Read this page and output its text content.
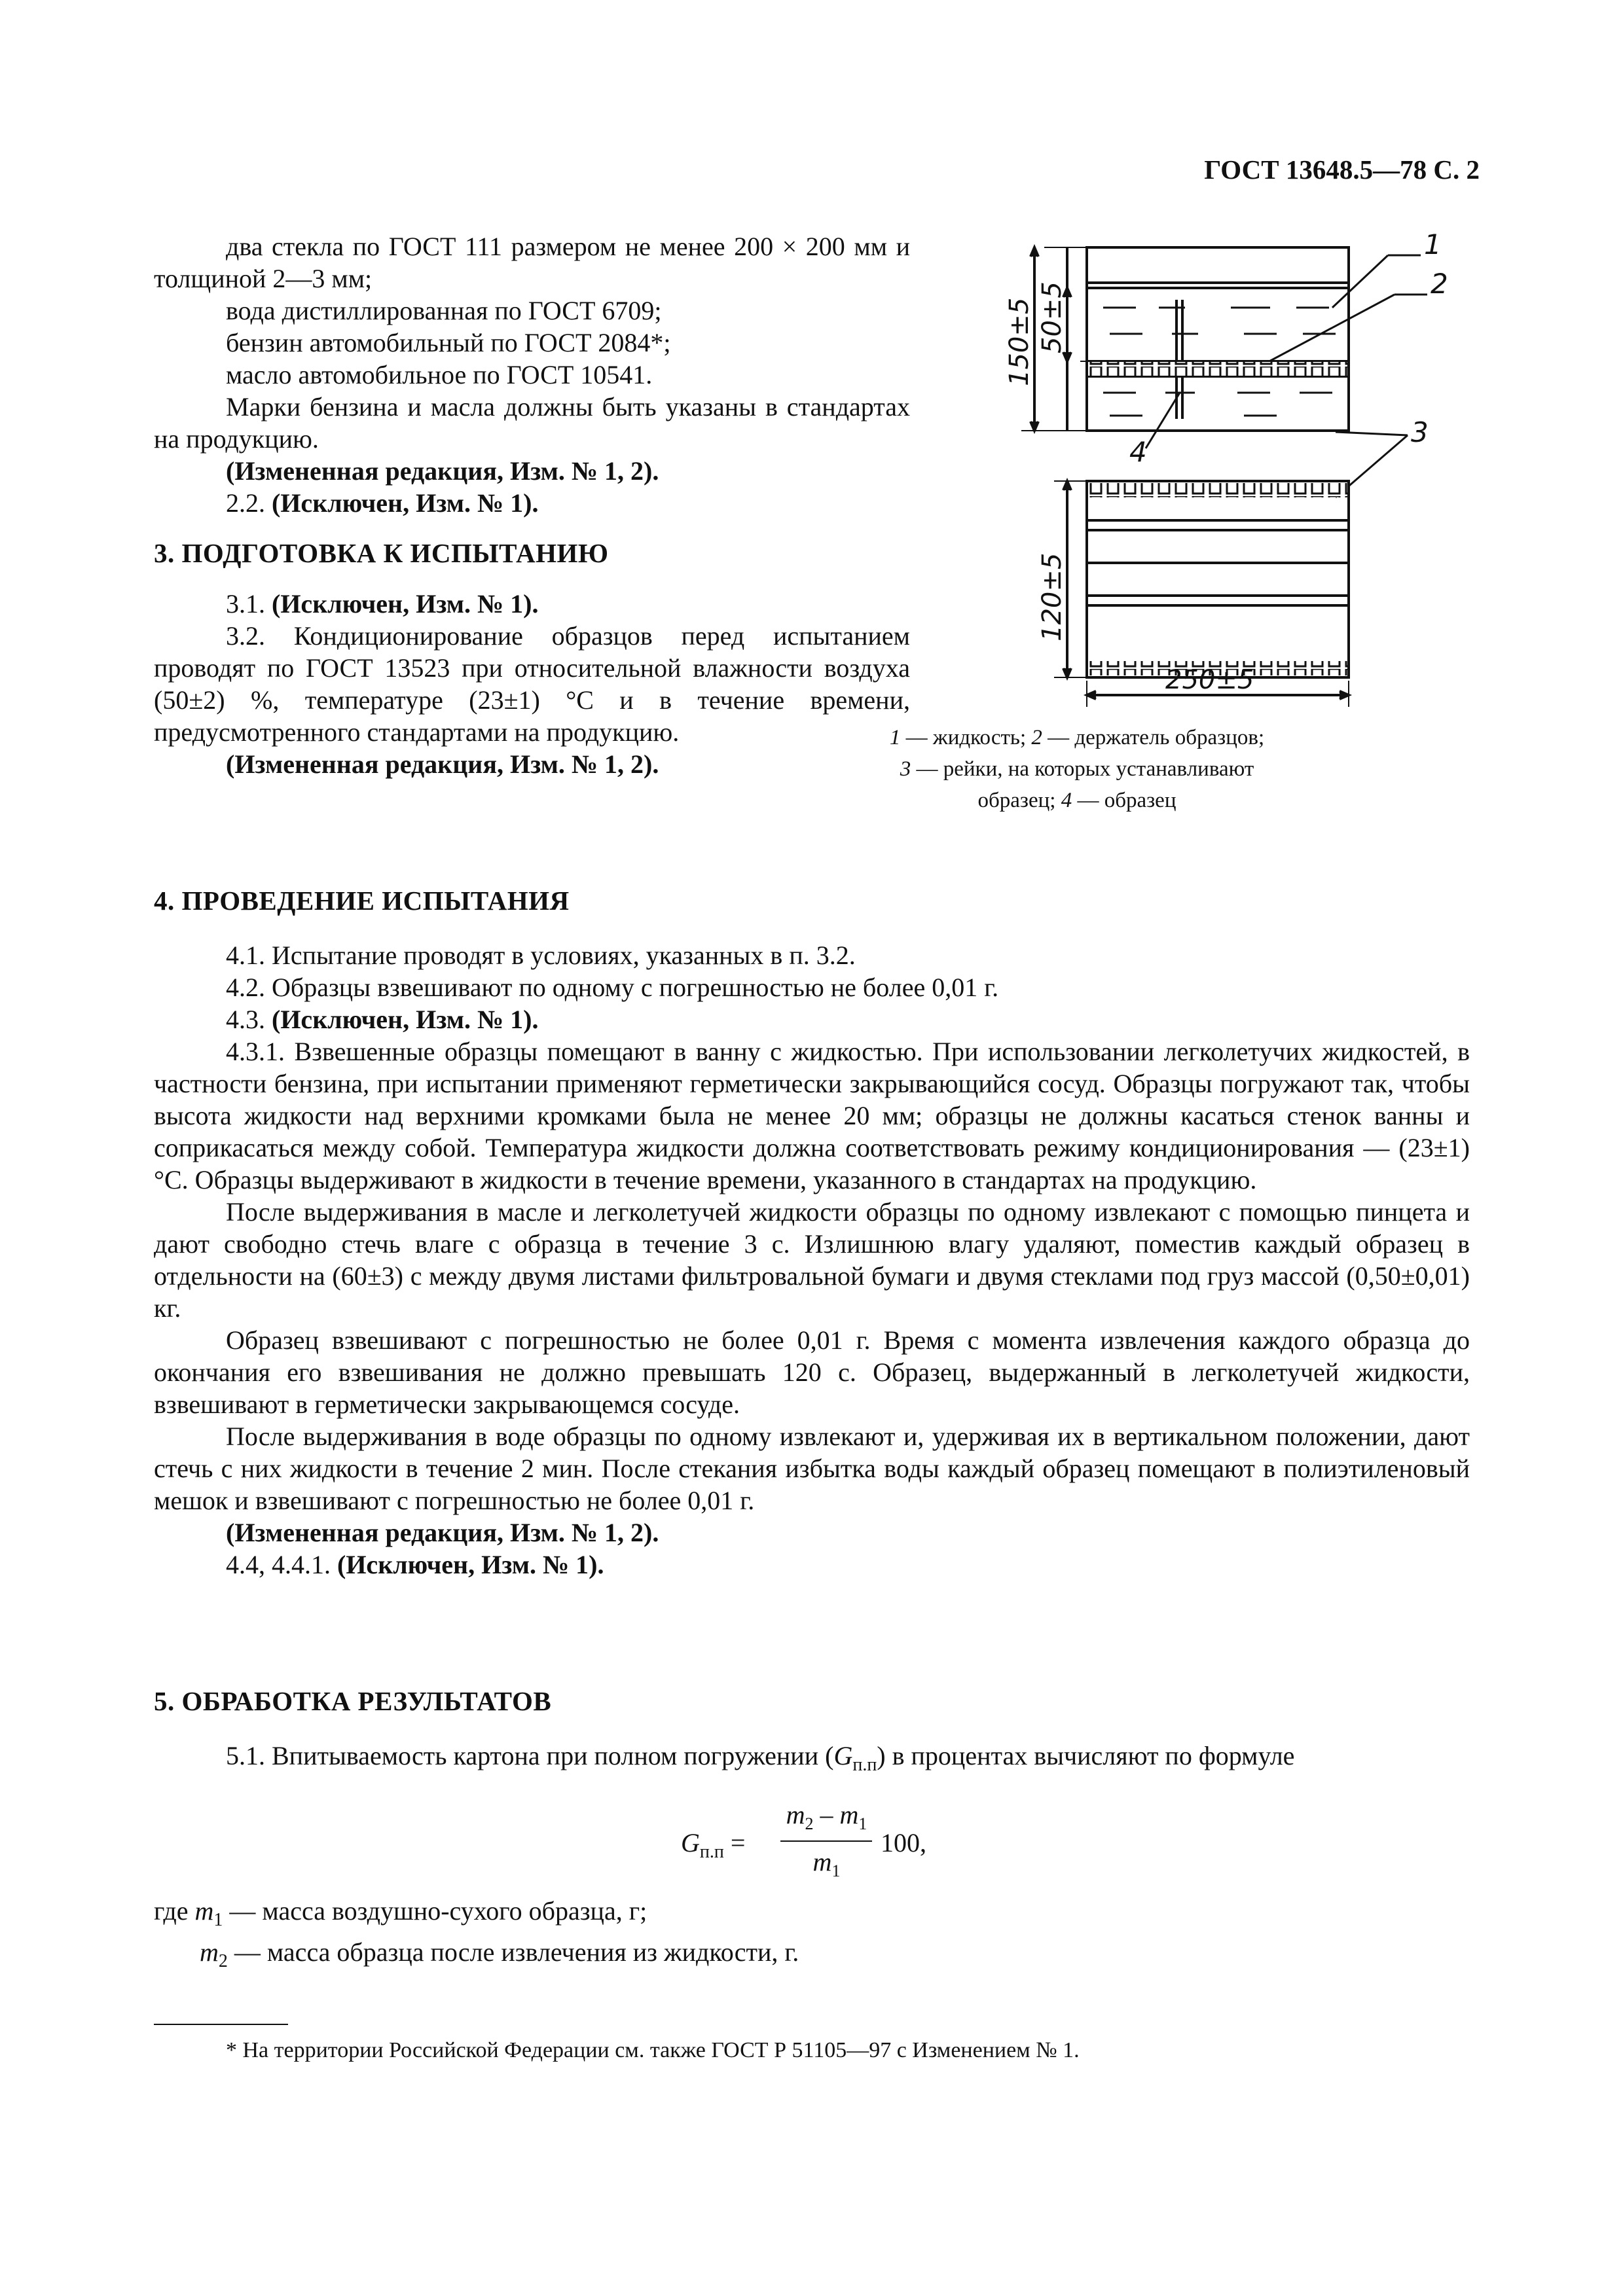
ГОСТ 13648.5—78 С. 2

два стекла по ГОСТ 111 размером не менее 200 × 200 мм и толщиной 2—3 мм;

вода дистиллированная по ГОСТ 6709;

бензин автомобильный по ГОСТ 2084*;

масло автомобильное по ГОСТ 10541.

Марки бензина и масла должны быть указаны в стандартах на продукцию.

(Измененная редакция, Изм. № 1, 2).

2.2. (Исключен, Изм. № 1).

3. ПОДГОТОВКА К ИСПЫТАНИЮ

3.1. (Исключен, Изм. № 1).

3.2. Кондиционирование образцов перед испытанием проводят по ГОСТ 13523 при относительной влажности воздуха (50±2) %, температуре (23±1) °С и в течение времени, предусмотренного стандартами на продукцию.

(Измененная редакция, Изм. № 1, 2).

1
2
3
4
150±5 50±5
120±5
250±5
1 — жидкость; 2 — держатель образцов;
3 — рейки, на которых устанавливают
образец; 4 — образец

4. ПРОВЕДЕНИЕ ИСПЫТАНИЯ

4.1. Испытание проводят в условиях, указанных в п. 3.2.

4.2. Образцы взвешивают по одному с погрешностью не более 0,01 г.

4.3. (Исключен, Изм. № 1).

4.3.1. Взвешенные образцы помещают в ванну с жидкостью. При использовании легколетучих жидкостей, в частности бензина, при испытании применяют герметически закрывающийся сосуд. Образцы погружают так, чтобы высота жидкости над верхними кромками была не менее 20 мм; образцы не должны касаться стенок ванны и соприкасаться между собой. Температура жидкости должна соответствовать режиму кондиционирования — (23±1) °С. Образцы выдерживают в жидкости в течение времени, указанного в стандартах на продукцию.

После выдерживания в масле и легколетучей жидкости образцы по одному извлекают с помощью пинцета и дают свободно стечь влаге с образца в течение 3 с. Излишнюю влагу удаляют, поместив каждый образец в отдельности на (60±3) с между двумя листами фильтровальной бумаги и двумя стеклами под груз массой (0,50±0,01) кг.

Образец взвешивают с погрешностью не более 0,01 г. Время с момента извлечения каждого образца до окончания его взвешивания не должно превышать 120 с. Образец, выдержанный в легколетучей жидкости, взвешивают в герметически закрывающемся сосуде.

После выдерживания в воде образцы по одному извлекают и, удерживая их в вертикальном положении, дают стечь с них жидкости в течение 2 мин. После стекания избытка воды каждый образец помещают в полиэтиленовый мешок и взвешивают с погрешностью не более 0,01 г.

(Измененная редакция, Изм. № 1, 2).

4.4, 4.4.1. (Исключен, Изм. № 1).

5. ОБРАБОТКА РЕЗУЛЬТАТОВ

5.1. Впитываемость картона при полном погружении $(G_{п.п})$ в процентах вычисляют по формуле

$G_{п.п}$ =
$m_2 - m_1$
$m_1$
100,

где $m_1$ — масса воздушно-сухого образца, г;

$m_2$ — масса образца после извлечения из жидкости, г.

* На территории Российской Федерации см. также ГОСТ Р 51105—97 с Изменением № 1.
